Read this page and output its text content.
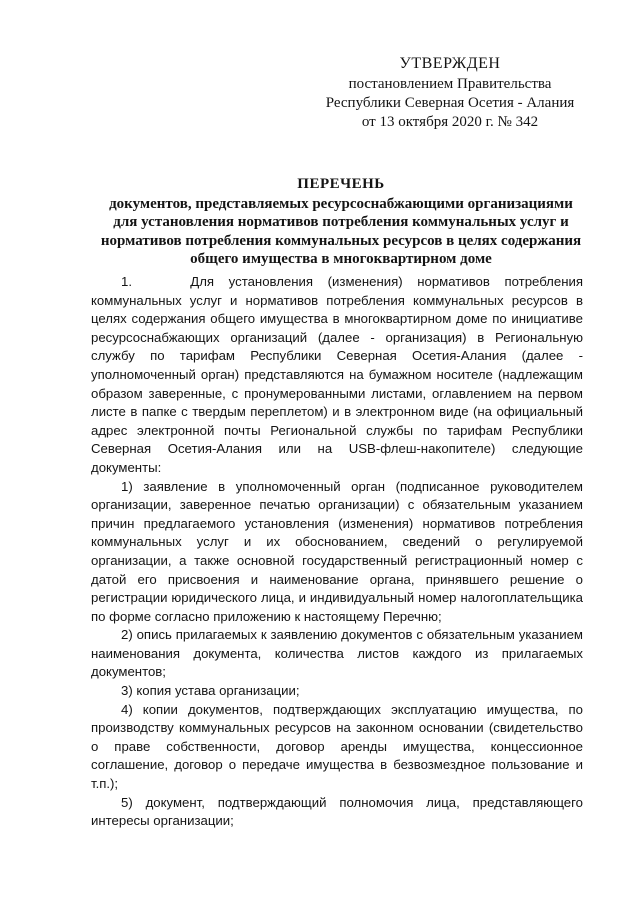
УТВЕРЖДЕН
постановлением Правительства
Республики Северная Осетия - Алания
от 13 октября 2020 г. № 342
ПЕРЕЧЕНЬ
документов, представляемых ресурсоснабжающими организациями
для установления нормативов потребления коммунальных услуг и
нормативов потребления коммунальных ресурсов в целях содержания
общего имущества в многоквартирном доме

1.    Для установления (изменения) нормативов потребления коммунальных услуг и нормативов потребления коммунальных ресурсов в целях содержания общего имущества в многоквартирном доме по инициативе ресурсоснабжающих организаций (далее - организация) в Региональную службу по тарифам Республики Северная Осетия-Алания (далее - уполномоченный орган) представляются на бумажном носителе (надлежащим образом заверенные, с пронумерованными листами, оглавлением на первом листе в папке с твердым переплетом) и в электронном виде (на официальный адрес электронной почты Региональной службы по тарифам Республики Северная Осетия-Алания или на USB-флеш-накопителе) следующие документы:

1) заявление в уполномоченный орган (подписанное руководителем организации, заверенное печатью организации) с обязательным указанием причин предлагаемого установления (изменения) нормативов потребления коммунальных услуг и их обоснованием, сведений о регулируемой организации, а также основной государственный регистрационный номер с датой его присвоения и наименование органа, принявшего решение о регистрации юридического лица, и индивидуальный номер налогоплательщика по форме согласно приложению к настоящему Перечню;

2) опись прилагаемых к заявлению документов с обязательным указанием наименования документа, количества листов каждого из прилагаемых документов;

3) копия устава организации;

4) копии документов, подтверждающих эксплуатацию имущества, по производству коммунальных ресурсов на законном основании (свидетельство о праве собственности, договор аренды имущества, концессионное соглашение, договор о передаче имущества в безвозмездное пользование и т.п.);

5) документ, подтверждающий полномочия лица, представляющего интересы организации;
